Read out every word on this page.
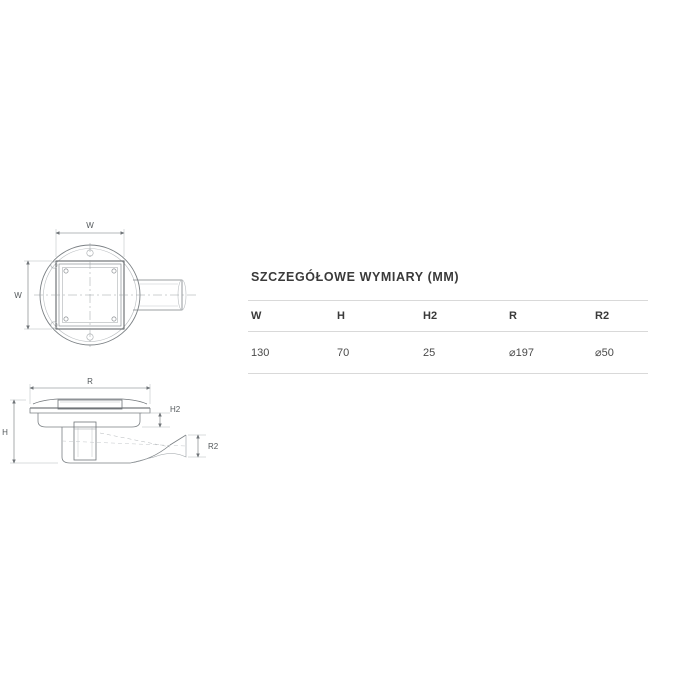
W
W
R
H
H2
R2
SZCZEGÓŁOWE WYMIARY (MM)
W	H	H2	R	R2
130	70	25	⌀197	⌀50
